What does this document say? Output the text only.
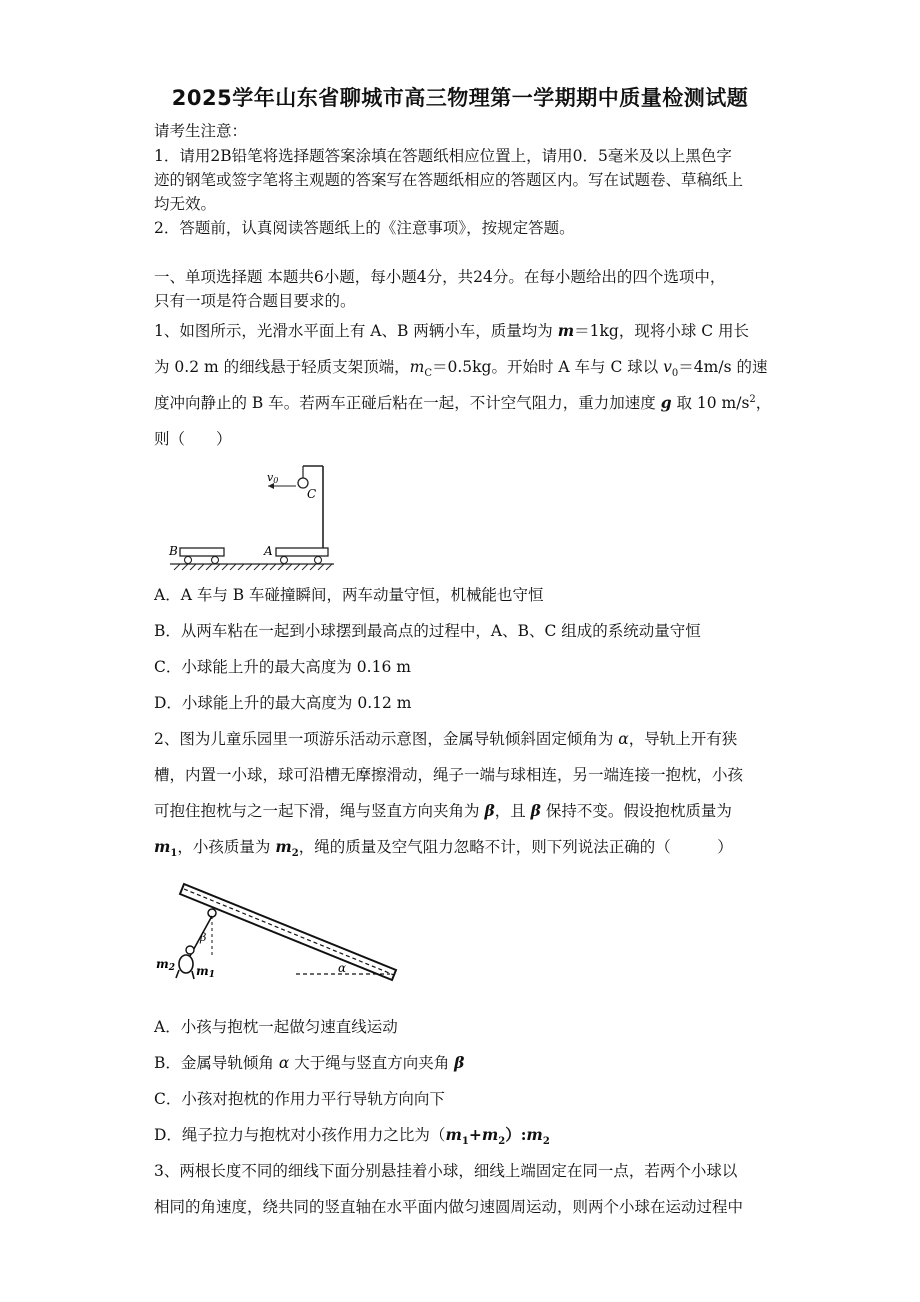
2025学年山东省聊城市高三物理第一学期期中质量检测试题
请考生注意：
1．请用2B铅笔将选择题答案涂填在答题纸相应位置上，请用0．5毫米及以上黑色字
迹的钢笔或签字笔将主观题的答案写在答题纸相应的答题区内。写在试题卷、草稿纸上
均无效。
2．答题前，认真阅读答题纸上的《注意事项》，按规定答题。
一、单项选择题 本题共6小题，每小题4分，共24分。在每小题给出的四个选项中，
只有一项是符合题目要求的。
1、如图所示，光滑水平面上有 A、B 两辆小车，质量均为 m＝1kg，现将小球 C 用长
为 0.2 m 的细线悬于轻质支架顶端，$m_C=0.5kg$。开始时 A 车与 C 球以 $v_0=4m/s$ 的速
度冲向静止的 B 车。若两车正碰后粘在一起，不计空气阻力，重力加速度 g 取 10 $m/s^2$，
则（　　）
C
v0
A
B
A．A 车与 B 车碰撞瞬间，两车动量守恒，机械能也守恒
B．从两车粘在一起到小球摆到最高点的过程中，A、B、C 组成的系统动量守恒
C．小球能上升的最大高度为 0.16 m
D．小球能上升的最大高度为 0.12 m
2、图为儿童乐园里一项游乐活动示意图，金属导轨倾斜固定倾角为 α，导轨上开有狭
槽，内置一小球，球可沿槽无摩擦滑动，绳子一端与球相连，另一端连接一抱枕，小孩
可抱住抱枕与之一起下滑，绳与竖直方向夹角为 β，且 β 保持不变。假设抱枕质量为
$m_1$，小孩质量为 $m_2$，绳的质量及空气阻力忽略不计，则下列说法正确的（　　　）
α
β
m2 m1
A．小孩与抱枕一起做匀速直线运动
B．金属导轨倾角 α 大于绳与竖直方向夹角 β
C．小孩对抱枕的作用力平行导轨方向向下
D．绳子拉力与抱枕对小孩作用力之比为$(m_1+m_2):m_2$
3、两根长度不同的细线下面分别悬挂着小球，细线上端固定在同一点，若两个小球以
相同的角速度，绕共同的竖直轴在水平面内做匀速圆周运动，则两个小球在运动过程中
